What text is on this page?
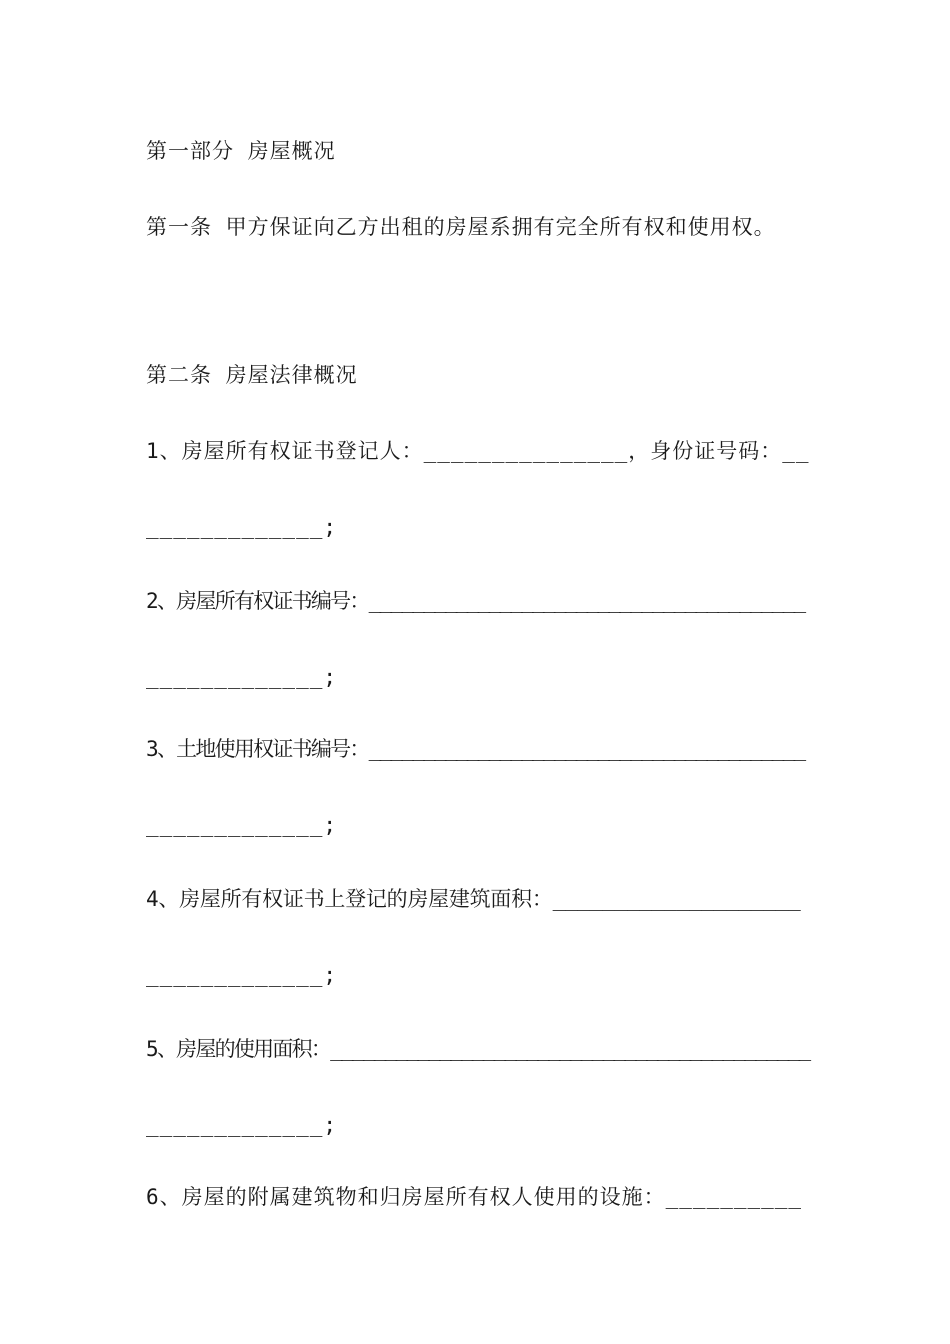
第一部分 房屋概况
第一条 甲方保证向乙方出租的房屋系拥有完全所有权和使用权。
第二条 房屋法律概况
1、房屋所有权证书登记人：_______________，身份证号码：__
_____________;
2、房屋所有权证书编号：________________________________________
_____________;
3、土地使用权证书编号：________________________________________
_____________;
4、房屋所有权证书上登记的房屋建筑面积：____________________
_____________;
5、房屋的使用面积：____________________________________________
_____________;
6、房屋的附属建筑物和归房屋所有权人使用的设施：__________
